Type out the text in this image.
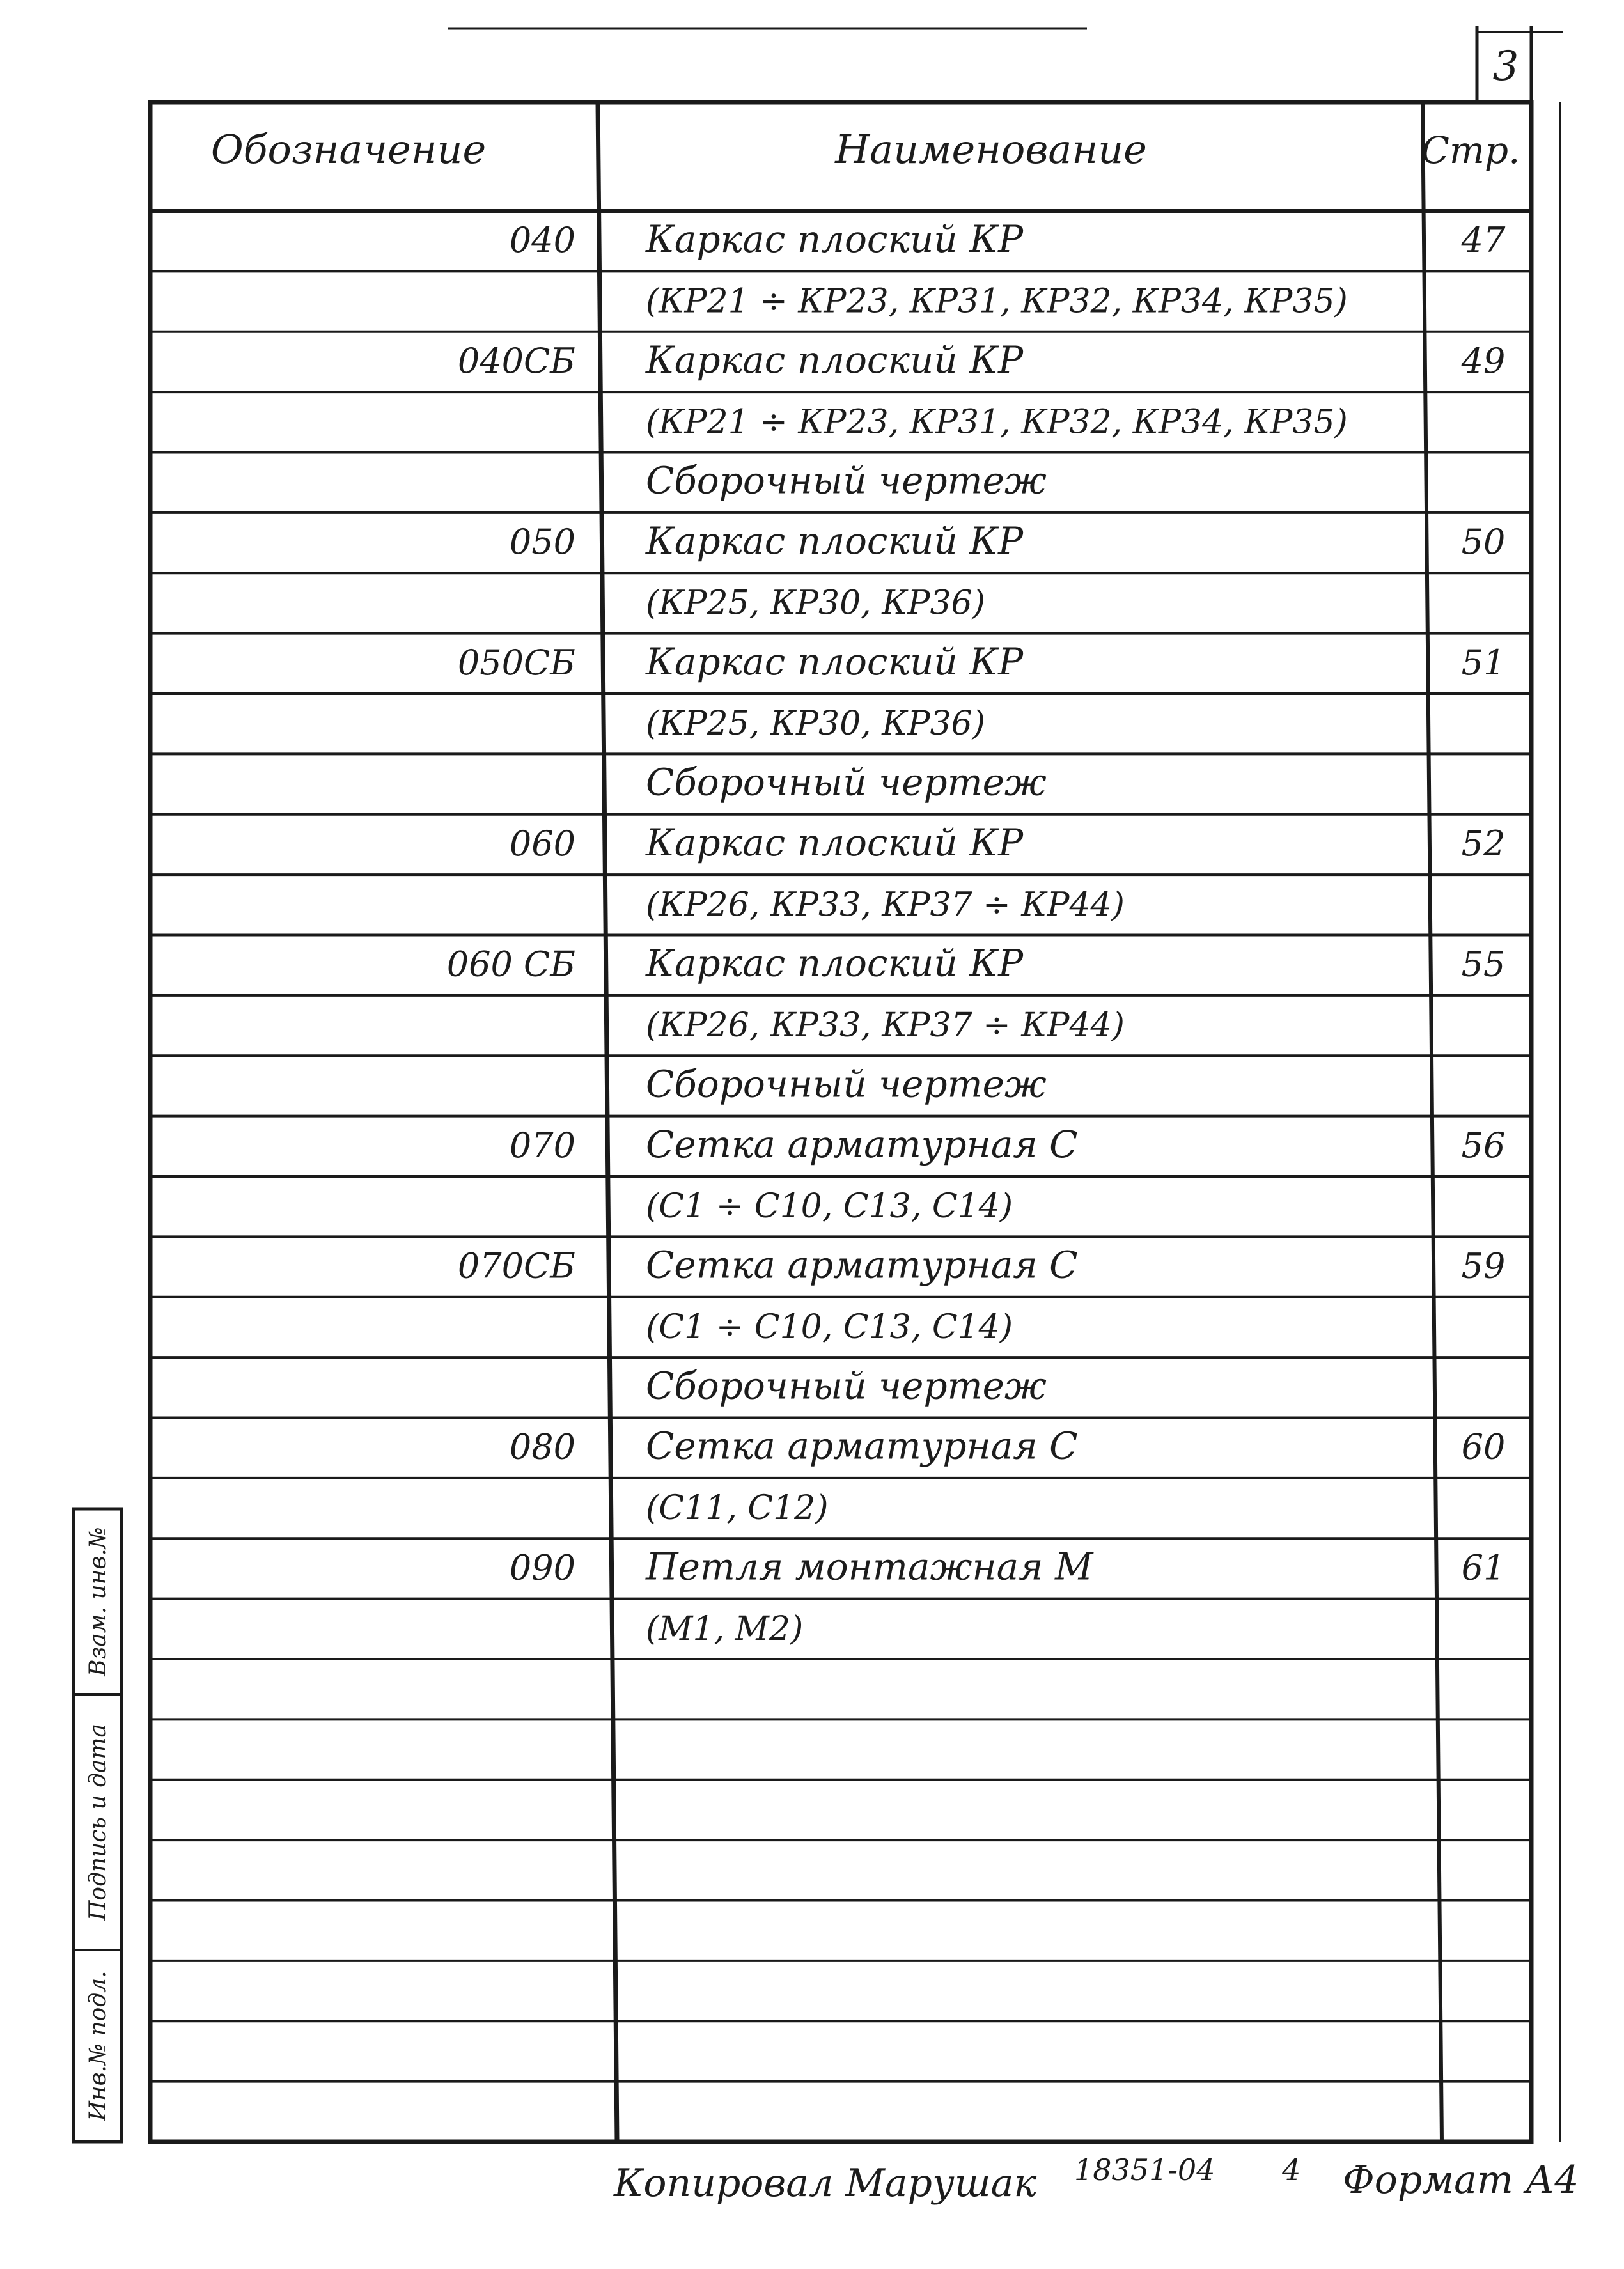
3
Обозначение	Наименование	Стр.
Взам. инв.№
Подпись и дата
Инв.№ подл.
040 Каркас плоский КР	47
(КР21 ÷ КР23, КР31, КР32, КР34, КР35)
040СБ Каркас плоский КР	49
(КР21 ÷ КР23, КР31, КР32, КР34, КР35)
Сборочный чертеж
050 Каркас плоский КР	50
(КР25, КР30, КР36)
050СБ Каркас плоский КР	51
(КР25, КР30, КР36)
Сборочный чертеж
060 Каркас плоский КР	52
(КР26, КР33, КР37 ÷ КР44)
060 СБ Каркас плоский КР	55
(КР26, КР33, КР37 ÷ КР44)
Сборочный чертеж
070 Сетка арматурная С	56
(С1 ÷ С10, С13, С14)
070СБ Сетка арматурная С	59
(С1 ÷ С10, С13, С14)
Сборочный чертеж
080 Сетка арматурная С	60
(С11, С12)
090 Петля монтажная М	61
(М1, М2)
Копировал Марушак 18351-04 4 Формат А4
